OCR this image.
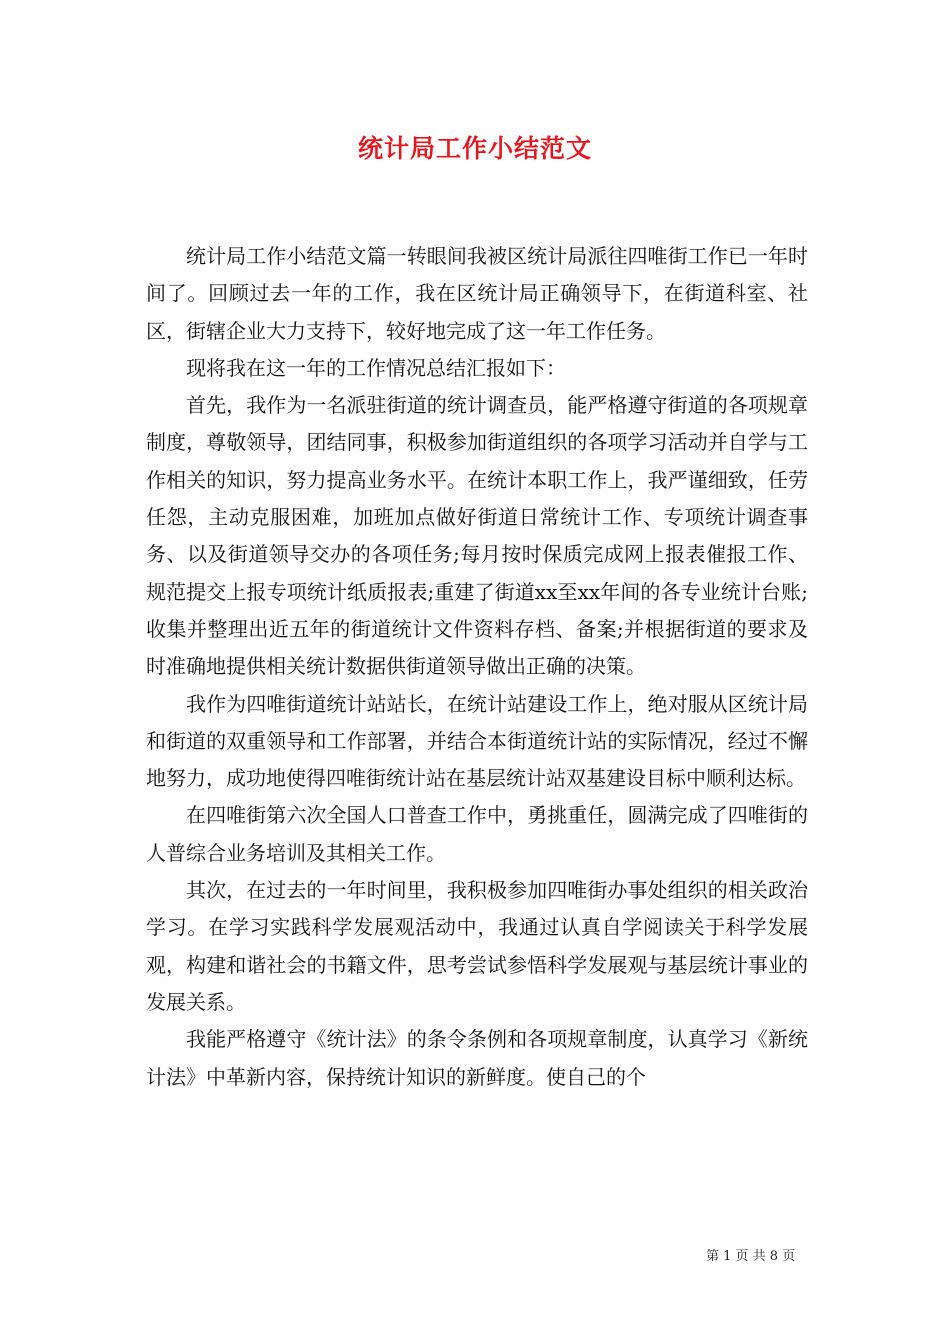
统计局工作小结范文

统计局工作小结范文篇一转眼间我被区统计局派往四唯街工作已一年时间了。回顾过去一年的工作，我在区统计局正确领导下，在街道科室、社区，街辖企业大力支持下，较好地完成了这一年工作任务。

现将我在这一年的工作情况总结汇报如下：

首先，我作为一名派驻街道的统计调查员，能严格遵守街道的各项规章制度，尊敬领导，团结同事，积极参加街道组织的各项学习活动并自学与工作相关的知识，努力提高业务水平。在统计本职工作上，我严谨细致，任劳任怨，主动克服困难，加班加点做好街道日常统计工作、专项统计调查事务、以及街道领导交办的各项任务;每月按时保质完成网上报表催报工作、规范提交上报专项统计纸质报表;重建了街道xx至xx年间的各专业统计台账;收集并整理出近五年的街道统计文件资料存档、备案;并根据街道的要求及时准确地提供相关统计数据供街道领导做出正确的决策。

我作为四唯街道统计站站长，在统计站建设工作上，绝对服从区统计局和街道的双重领导和工作部署，并结合本街道统计站的实际情况，经过不懈地努力，成功地使得四唯街统计站在基层统计站双基建设目标中顺利达标。

在四唯街第六次全国人口普查工作中，勇挑重任，圆满完成了四唯街的人普综合业务培训及其相关工作。

其次，在过去的一年时间里，我积极参加四唯街办事处组织的相关政治学习。在学习实践科学发展观活动中，我通过认真自学阅读关于科学发展观，构建和谐社会的书籍文件，思考尝试参悟科学发展观与基层统计事业的发展关系。

我能严格遵守《统计法》的条令条例和各项规章制度，认真学习《新统计法》中革新内容，保持统计知识的新鲜度。使自己的个

第 1 页 共 8 页
